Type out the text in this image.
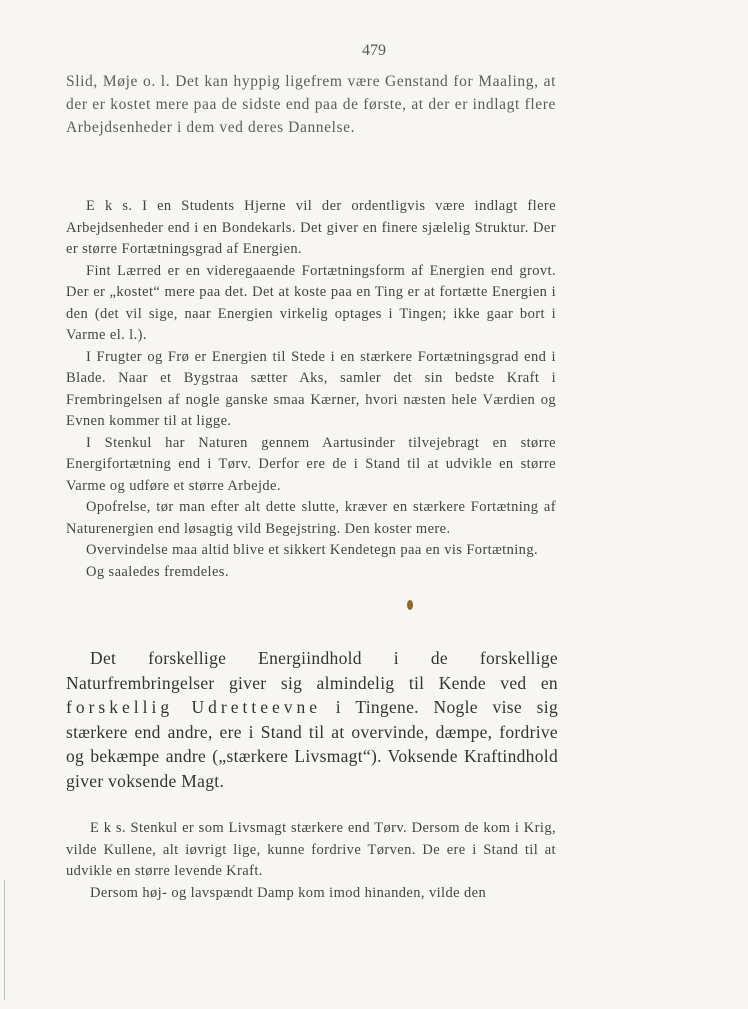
479
Slid, Møje o. l. Det kan hyppig ligefrem være Genstand for Maaling, at der er kostet mere paa de sidste end paa de første, at der er indlagt flere Arbejdsenheder i dem ved deres Dannelse.

E k s. I en Students Hjerne vil der ordentligvis være indlagt flere Arbejdsenheder end i en Bondekarls. Det giver en finere sjælelig Struktur. Der er større Fortætningsgrad af Energien.

Fint Lærred er en videregaaende Fortætningsform af Energien end grovt. Der er „kostet“ mere paa det. Det at koste paa en Ting er at fortætte Energien i den (det vil sige, naar Energien virkelig optages i Tingen; ikke gaar bort i Varme el. l.).

I Frugter og Frø er Energien til Stede i en stærkere Fortætningsgrad end i Blade. Naar et Bygstraa sætter Aks, samler det sin bedste Kraft i Frembringelsen af nogle ganske smaa Kærner, hvori næsten hele Værdien og Evnen kommer til at ligge.

I Stenkul har Naturen gennem Aartusinder tilvejebragt en større Energifortætning end i Tørv. Derfor ere de i Stand til at udvikle en større Varme og udføre et større Arbejde.

Opofrelse, tør man efter alt dette slutte, kræver en stærkere Fortætning af Naturenergien end løsagtig vild Begejstring. Den koster mere.

Overvindelse maa altid blive et sikkert Kendetegn paa en vis Fortætning.

Og saaledes fremdeles.

Det forskellige Energiindhold i de forskellige Naturfrembringelser giver sig almindelig til Kende ved en forskellig Udretteevne i Tingene. Nogle vise sig stærkere end andre, ere i Stand til at overvinde, dæmpe, fordrive og bekæmpe andre („stærkere Livsmagt“). Voksende Kraftindhold giver voksende Magt.

E k s. Stenkul er som Livsmagt stærkere end Tørv. Dersom de kom i Krig, vilde Kullene, alt iøvrigt lige, kunne fordrive Tørven. De ere i Stand til at udvikle en større levende Kraft.

Dersom høj- og lavspændt Damp kom imod hinanden, vilde den
